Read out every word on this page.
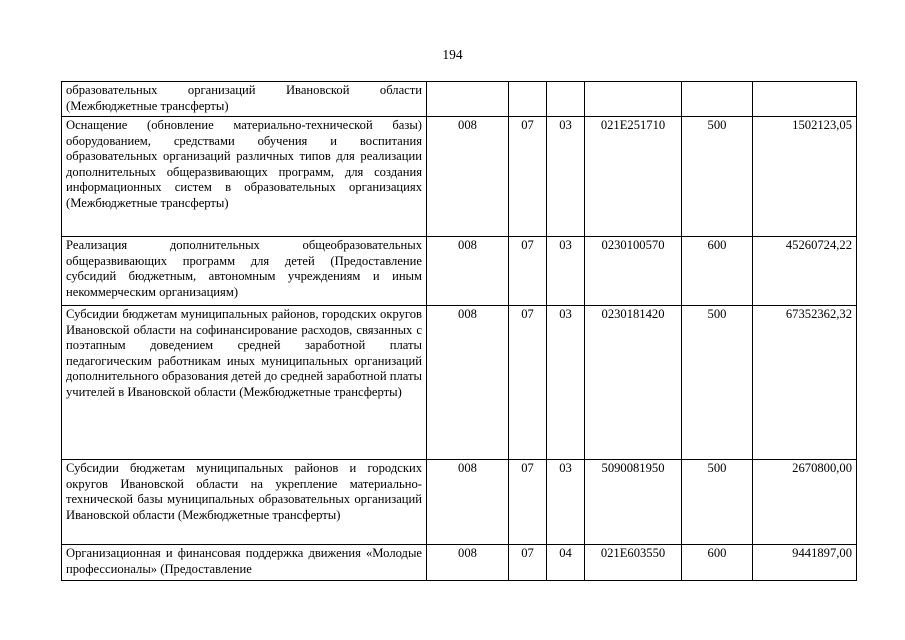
194
образовательных организаций Ивановской области (Межбюджетные трансферты)						
Оснащение (обновление материально-технической базы) оборудованием, средствами обучения и воспитания образовательных организаций различных типов для реализации дополнительных общеразвивающих программ, для создания информационных систем в образовательных организациях (Межбюджетные трансферты)	008	07	03	021E251710	500	1502123,05
Реализация дополнительных общеобразовательных общеразвивающих программ для детей (Предоставление субсидий бюджетным, автономным учреждениям и иным некоммерческим организациям)	008	07	03	0230100570	600	45260724,22
Субсидии бюджетам муниципальных районов, городских округов Ивановской области на софинансирование расходов, связанных с поэтапным доведением средней заработной платы педагогическим работникам иных муниципальных организаций дополнительного образования детей до средней заработной платы учителей в Ивановской области (Межбюджетные трансферты)	008	07	03	0230181420	500	67352362,32
Субсидии бюджетам муниципальных районов и городских округов Ивановской области на укрепление материально-технической базы муниципальных образовательных организаций Ивановской области (Межбюджетные трансферты)	008	07	03	5090081950	500	2670800,00
Организационная и финансовая поддержка движения «Молодые профессионалы» (Предоставление	008	07	04	021E603550	600	9441897,00
